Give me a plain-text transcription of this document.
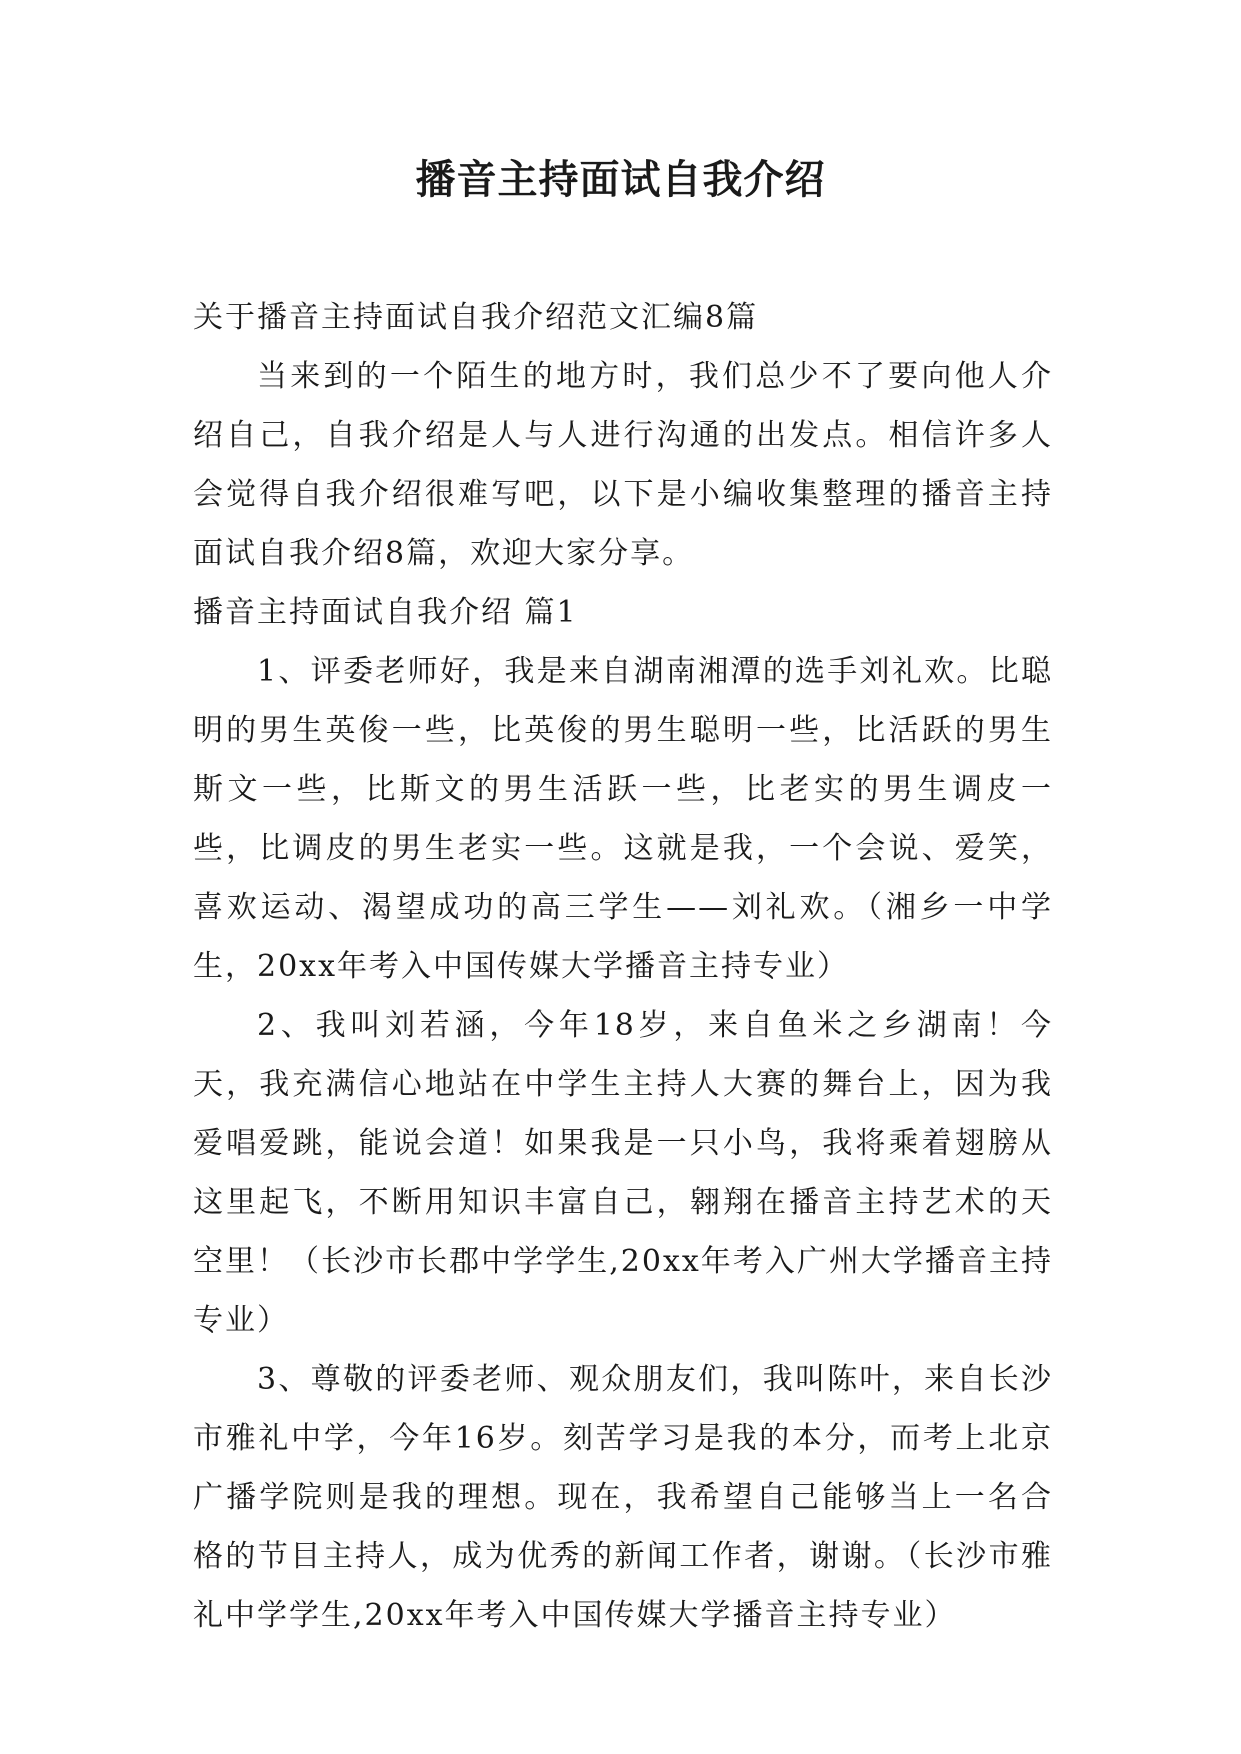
播音主持面试自我介绍

关于播音主持面试自我介绍范文汇编8篇

当来到的一个陌生的地方时，我们总少不了要向他人介绍自己，自我介绍是人与人进行沟通的出发点。相信许多人会觉得自我介绍很难写吧，以下是小编收集整理的播音主持面试自我介绍8篇，欢迎大家分享。

播音主持面试自我介绍 篇1

1、评委老师好，我是来自湖南湘潭的选手刘礼欢。比聪明的男生英俊一些，比英俊的男生聪明一些，比活跃的男生斯文一些，比斯文的男生活跃一些，比老实的男生调皮一些，比调皮的男生老实一些。这就是我，一个会说、爱笑，喜欢运动、渴望成功的高三学生——刘礼欢。（湘乡一中学生，20xx年考入中国传媒大学播音主持专业）

2、我叫刘若涵，今年18岁，来自鱼米之乡湖南！今天，我充满信心地站在中学生主持人大赛的舞台上，因为我爱唱爱跳，能说会道！如果我是一只小鸟，我将乘着翅膀从这里起飞，不断用知识丰富自己，翱翔在播音主持艺术的天空里！（长沙市长郡中学学生,20xx年考入广州大学播音主持专业）

3、尊敬的评委老师、观众朋友们，我叫陈叶，来自长沙市雅礼中学，今年16岁。刻苦学习是我的本分，而考上北京广播学院则是我的理想。现在，我希望自己能够当上一名合格的节目主持人，成为优秀的新闻工作者，谢谢。（长沙市雅礼中学学生,20xx年考入中国传媒大学播音主持专业）
